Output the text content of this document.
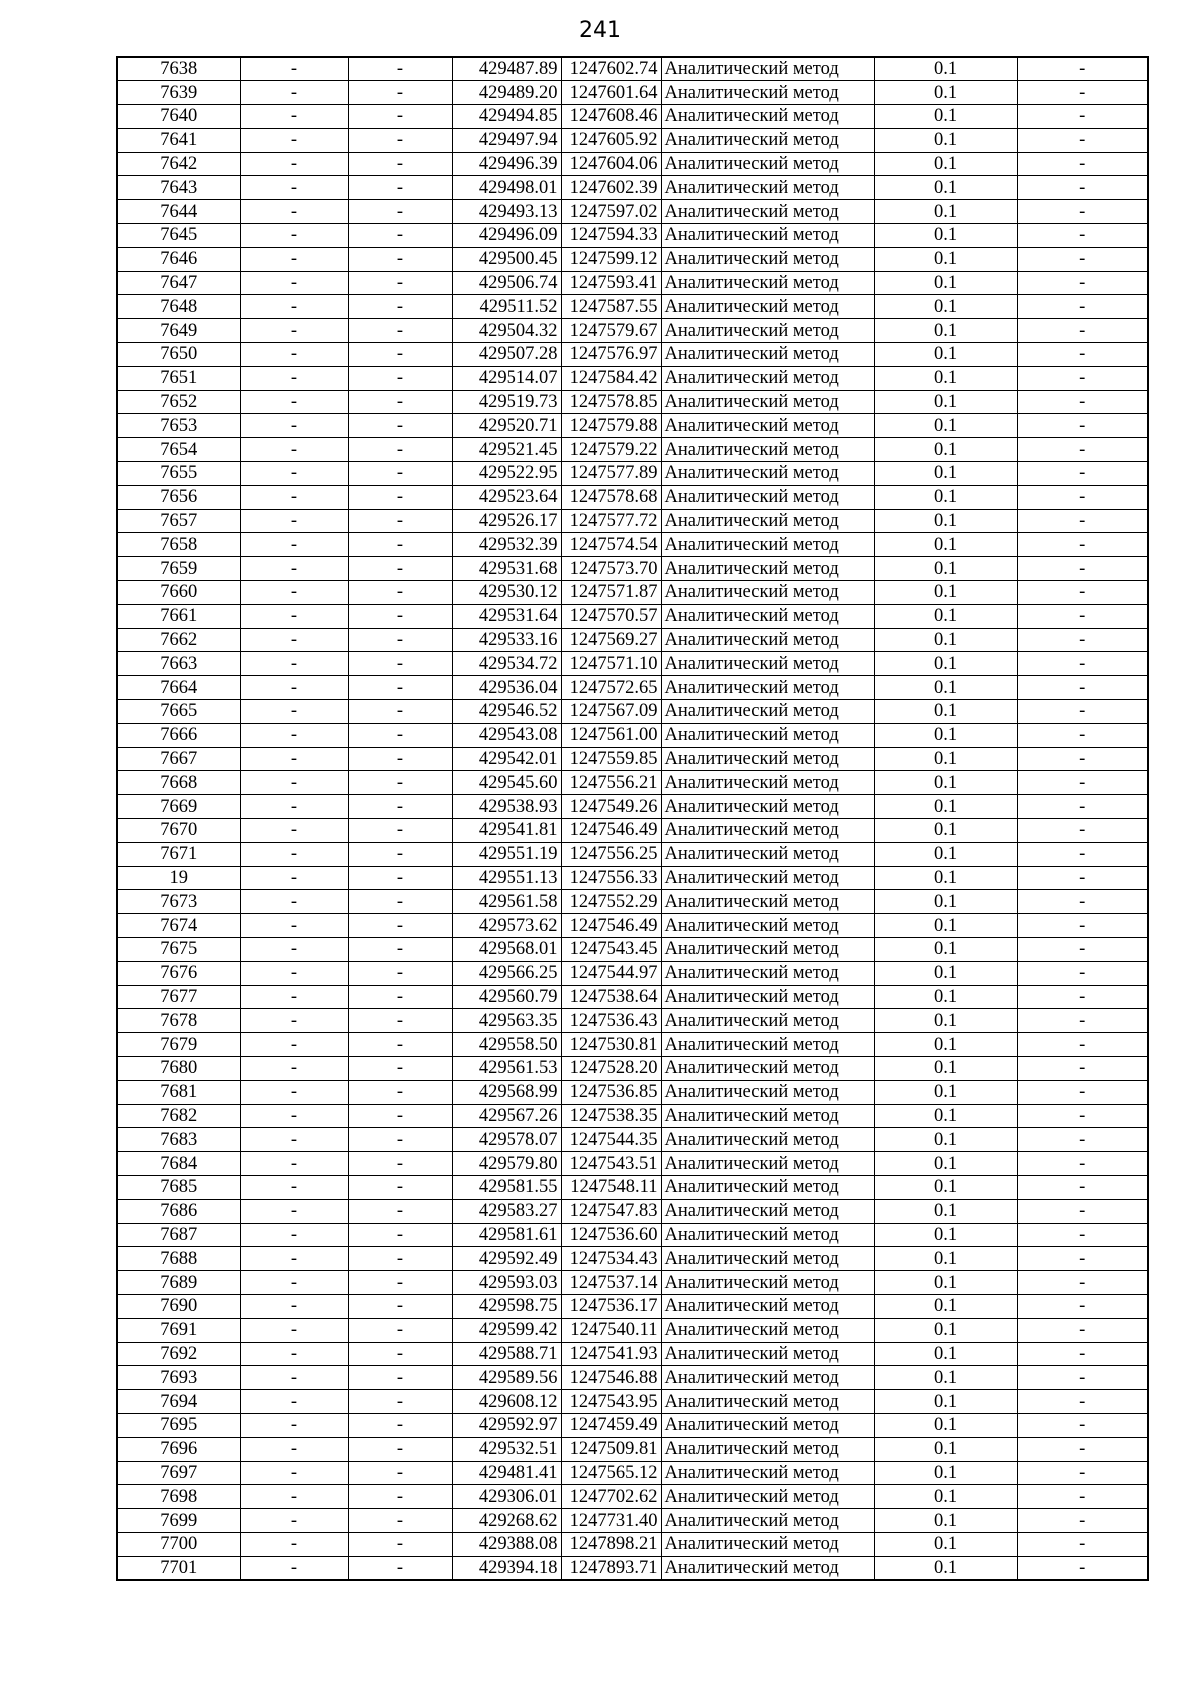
241
7638	-	-	429487.89	1247602.74	Аналитический метод	0.1	-
7639	-	-	429489.20	1247601.64	Аналитический метод	0.1	-
7640	-	-	429494.85	1247608.46	Аналитический метод	0.1	-
7641	-	-	429497.94	1247605.92	Аналитический метод	0.1	-
7642	-	-	429496.39	1247604.06	Аналитический метод	0.1	-
7643	-	-	429498.01	1247602.39	Аналитический метод	0.1	-
7644	-	-	429493.13	1247597.02	Аналитический метод	0.1	-
7645	-	-	429496.09	1247594.33	Аналитический метод	0.1	-
7646	-	-	429500.45	1247599.12	Аналитический метод	0.1	-
7647	-	-	429506.74	1247593.41	Аналитический метод	0.1	-
7648	-	-	429511.52	1247587.55	Аналитический метод	0.1	-
7649	-	-	429504.32	1247579.67	Аналитический метод	0.1	-
7650	-	-	429507.28	1247576.97	Аналитический метод	0.1	-
7651	-	-	429514.07	1247584.42	Аналитический метод	0.1	-
7652	-	-	429519.73	1247578.85	Аналитический метод	0.1	-
7653	-	-	429520.71	1247579.88	Аналитический метод	0.1	-
7654	-	-	429521.45	1247579.22	Аналитический метод	0.1	-
7655	-	-	429522.95	1247577.89	Аналитический метод	0.1	-
7656	-	-	429523.64	1247578.68	Аналитический метод	0.1	-
7657	-	-	429526.17	1247577.72	Аналитический метод	0.1	-
7658	-	-	429532.39	1247574.54	Аналитический метод	0.1	-
7659	-	-	429531.68	1247573.70	Аналитический метод	0.1	-
7660	-	-	429530.12	1247571.87	Аналитический метод	0.1	-
7661	-	-	429531.64	1247570.57	Аналитический метод	0.1	-
7662	-	-	429533.16	1247569.27	Аналитический метод	0.1	-
7663	-	-	429534.72	1247571.10	Аналитический метод	0.1	-
7664	-	-	429536.04	1247572.65	Аналитический метод	0.1	-
7665	-	-	429546.52	1247567.09	Аналитический метод	0.1	-
7666	-	-	429543.08	1247561.00	Аналитический метод	0.1	-
7667	-	-	429542.01	1247559.85	Аналитический метод	0.1	-
7668	-	-	429545.60	1247556.21	Аналитический метод	0.1	-
7669	-	-	429538.93	1247549.26	Аналитический метод	0.1	-
7670	-	-	429541.81	1247546.49	Аналитический метод	0.1	-
7671	-	-	429551.19	1247556.25	Аналитический метод	0.1	-
19	-	-	429551.13	1247556.33	Аналитический метод	0.1	-
7673	-	-	429561.58	1247552.29	Аналитический метод	0.1	-
7674	-	-	429573.62	1247546.49	Аналитический метод	0.1	-
7675	-	-	429568.01	1247543.45	Аналитический метод	0.1	-
7676	-	-	429566.25	1247544.97	Аналитический метод	0.1	-
7677	-	-	429560.79	1247538.64	Аналитический метод	0.1	-
7678	-	-	429563.35	1247536.43	Аналитический метод	0.1	-
7679	-	-	429558.50	1247530.81	Аналитический метод	0.1	-
7680	-	-	429561.53	1247528.20	Аналитический метод	0.1	-
7681	-	-	429568.99	1247536.85	Аналитический метод	0.1	-
7682	-	-	429567.26	1247538.35	Аналитический метод	0.1	-
7683	-	-	429578.07	1247544.35	Аналитический метод	0.1	-
7684	-	-	429579.80	1247543.51	Аналитический метод	0.1	-
7685	-	-	429581.55	1247548.11	Аналитический метод	0.1	-
7686	-	-	429583.27	1247547.83	Аналитический метод	0.1	-
7687	-	-	429581.61	1247536.60	Аналитический метод	0.1	-
7688	-	-	429592.49	1247534.43	Аналитический метод	0.1	-
7689	-	-	429593.03	1247537.14	Аналитический метод	0.1	-
7690	-	-	429598.75	1247536.17	Аналитический метод	0.1	-
7691	-	-	429599.42	1247540.11	Аналитический метод	0.1	-
7692	-	-	429588.71	1247541.93	Аналитический метод	0.1	-
7693	-	-	429589.56	1247546.88	Аналитический метод	0.1	-
7694	-	-	429608.12	1247543.95	Аналитический метод	0.1	-
7695	-	-	429592.97	1247459.49	Аналитический метод	0.1	-
7696	-	-	429532.51	1247509.81	Аналитический метод	0.1	-
7697	-	-	429481.41	1247565.12	Аналитический метод	0.1	-
7698	-	-	429306.01	1247702.62	Аналитический метод	0.1	-
7699	-	-	429268.62	1247731.40	Аналитический метод	0.1	-
7700	-	-	429388.08	1247898.21	Аналитический метод	0.1	-
7701	-	-	429394.18	1247893.71	Аналитический метод	0.1	-
